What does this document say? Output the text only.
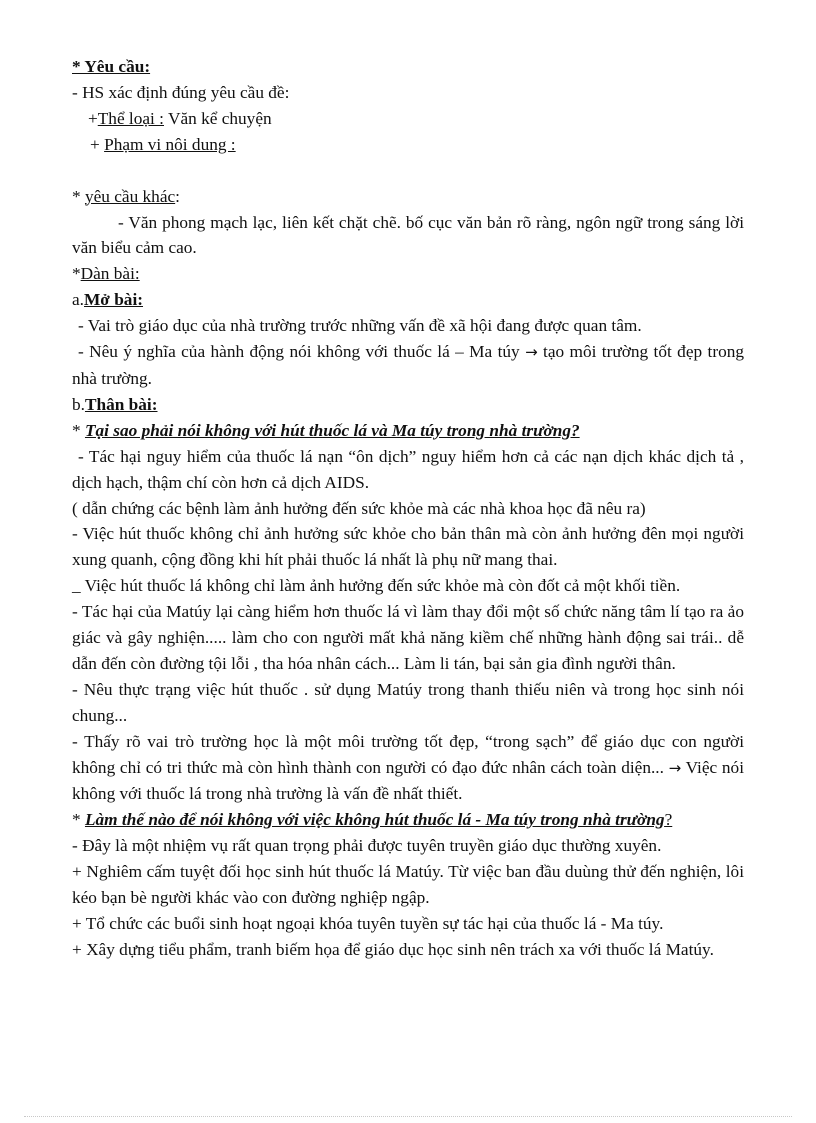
* Yêu cầu:

- HS xác định đúng yêu cầu đề:

+Thể loại : Văn kể chuyện

+ Phạm vi nôi dung :

* yêu cầu khác:

- Văn phong mạch lạc, liên kết chặt chẽ. bố cục văn bản rõ ràng, ngôn ngữ trong sáng lời văn biểu cảm cao.

*Dàn bài:

a.Mở bài:

- Vai trò giáo dục của nhà trường trước những vấn đề xã hội đang được quan tâm.

- Nêu ý nghĩa của hành động nói không với thuốc lá – Ma túy → tạo môi trường tốt đẹp trong nhà trường.

b.Thân bài:

* Tại sao phải nói không với hút thuốc lá và Ma túy trong nhà trường?

- Tác hại nguy hiểm của thuốc lá nạn “ôn dịch” nguy hiểm hơn cả các nạn dịch khác dịch tả , dịch hạch, thậm chí còn hơn cả dịch AIDS.

( dẫn chứng các bệnh làm ảnh hưởng đến sức khỏe mà các nhà khoa học đã nêu ra)

- Việc hút thuốc không chỉ ảnh hưởng sức khỏe cho bản thân mà còn ảnh hưởng đên mọi người xung quanh, cộng đồng khi hít phải thuốc lá nhất là phụ nữ mang thai.

_ Việc hút thuốc lá không chỉ làm ảnh hưởng đến sức khỏe mà còn đốt cả một khối tiền.

- Tác hại của Matúy lại càng hiểm hơn thuốc lá vì làm thay đổi một số chức năng tâm lí tạo ra ảo giác và gây nghiện..... làm cho con người mất khả năng kiềm chế những hành động sai trái.. dễ dẫn đến còn đường tội lỗi , tha hóa nhân cách... Làm li tán, bại sản gia đình người thân.

- Nêu thực trạng việc hút thuốc . sử dụng Matúy trong thanh thiếu niên và trong học sinh nói chung...

- Thấy rõ vai trò trường học là một môi trường tốt đẹp, “trong sạch” để giáo dục con người không chỉ có tri thức mà còn hình thành con người có đạo đức nhân cách toàn diện... → Việc nói không với thuốc lá trong nhà trường là vấn đề nhất thiết.

* Làm thế nào để nói không với việc không hút thuốc lá - Ma túy trong nhà trường?

- Đây là một nhiệm vụ rất quan trọng phải được tuyên truyền giáo dục thường xuyên.

+ Nghiêm cấm tuyệt đối học sinh hút thuốc lá Matúy. Từ việc ban đầu duùng thử đến nghiện, lôi kéo bạn bè người khác vào con đường nghiệp ngập.

+ Tổ chức các buổi sinh hoạt ngoại khóa tuyên tuyền sự tác hại của thuốc lá - Ma túy.

+ Xây dựng tiểu phẩm, tranh biếm họa để giáo dục học sinh nên trách xa với thuốc lá Matúy.
